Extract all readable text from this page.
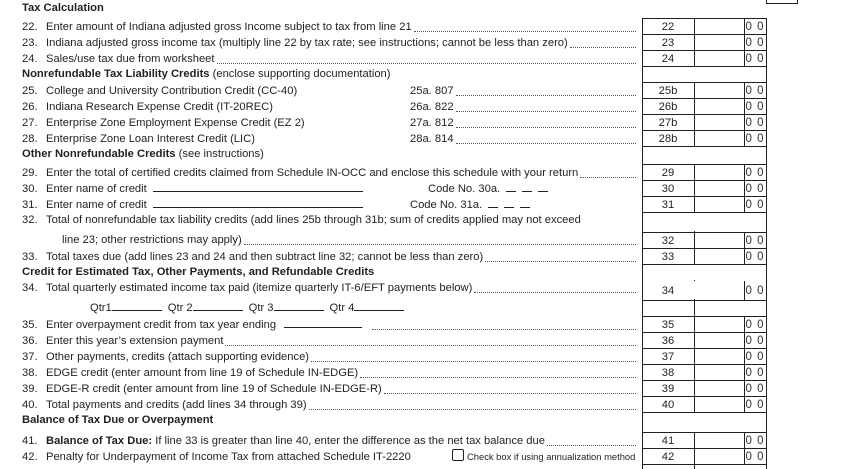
Tax Calculation
Nonrefundable Tax Liability Credits (enclose supporting documentation)
Other Nonrefundable Credits (see instructions)
Credit for Estimated Tax, Other Payments, and Refundable Credits
Balance of Tax Due or Overpayment
22. Enter amount of Indiana adjusted gross Income subject to tax from line 21	22	0 0
23. Indiana adjusted gross income tax (multiply line 22 by tax rate; see instructions; cannot be less than zero)	23	0 0
24. Sales/use tax due from worksheet	24	0 0
25. College and University Contribution Credit (CC-40)	25a. 807	25b	0 0
26. Indiana Research Expense Credit (IT-20REC)	26a. 822	26b	0 0
27. Enterprise Zone Employment Expense Credit (EZ 2)	27a. 812	27b	0 0
28. Enterprise Zone Loan Interest Credit (LIC)	28a. 814	28b	0 0
29. Enter the total of certified credits claimed from Schedule IN-OCC and enclose this schedule with your return	29	0 0
30. Enter name of credit	Code No. 30a.	30	0 0
31. Enter name of credit	Code No. 31a.	31	0 0
32. Total of nonrefundable tax liability credits (add lines 25b through 31b; sum of credits applied may not exceed
line 23; other restrictions may apply)	32	0 0
33. Total taxes due (add lines 23 and 24 and then subtract line 32; cannot be less than zero)	33	0 0
34. Total quarterly estimated income tax paid (itemize quarterly IT-6/EFT payments below)	34	0 0
35. Enter overpayment credit from tax year ending	35	0 0
36. Enter this year’s extension payment	36	0 0
37. Other payments, credits (attach supporting evidence)	37	0 0
38. EDGE credit (enter amount from line 19 of Schedule IN-EDGE)	38	0 0
39. EDGE-R credit (enter amount from line 19 of Schedule IN-EDGE-R)	39	0 0
40. Total payments and credits (add lines 34 through 39)	40	0 0
41. Balance of Tax Due: If line 33 is greater than line 40, enter the difference as the net tax balance due	41	0 0
42. Penalty for Underpayment of Income Tax from attached Schedule IT-2220	Check box if using annualization method	42	0 0
Qtr1	Qtr 2	Qtr 3	Qtr 4
